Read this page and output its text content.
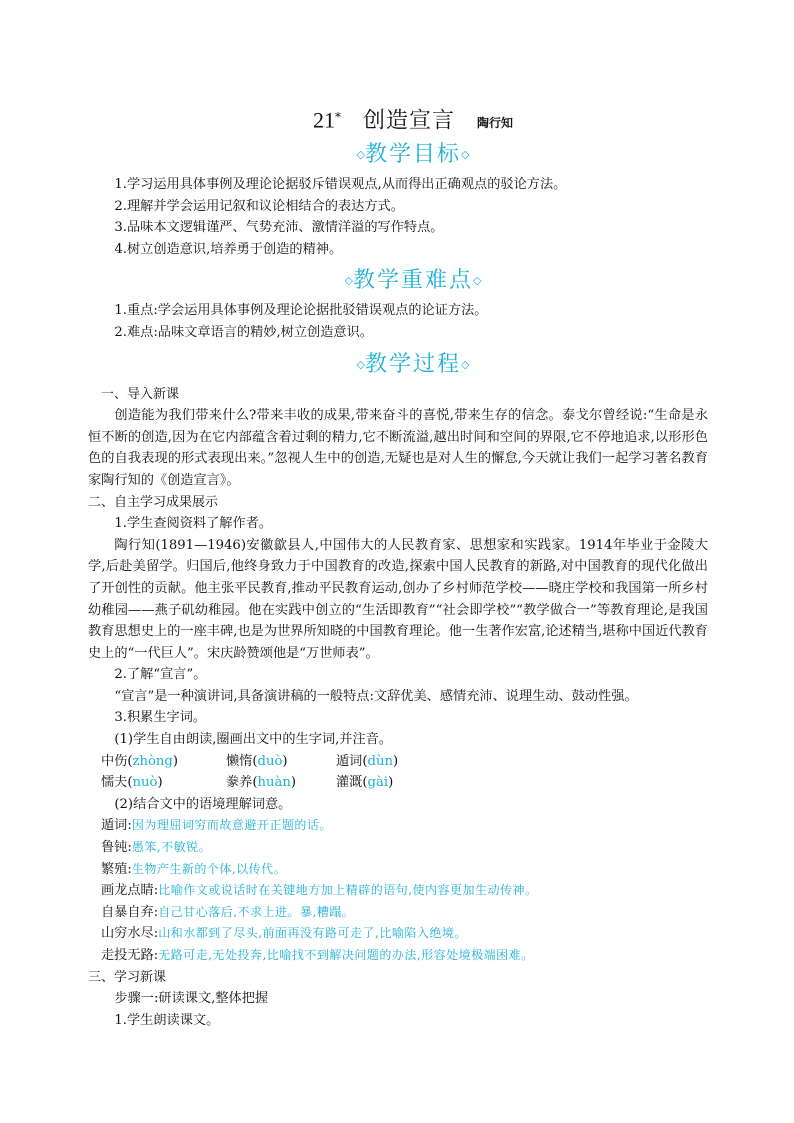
21* 创造宣言 陶行知
◇教学目标◇

1.学习运用具体事例及理论论据驳斥错误观点,从而得出正确观点的驳论方法。

2.理解并学会运用记叙和议论相结合的表达方式。

3.品味本文逻辑谨严、气势充沛、激情洋溢的写作特点。

4.树立创造意识,培养勇于创造的精神。

◇教学重难点◇

1.重点:学会运用具体事例及理论论据批驳错误观点的论证方法。

2.难点:品味文章语言的精妙,树立创造意识。

◇教学过程◇

一、导入新课

创造能为我们带来什么?带来丰收的成果,带来奋斗的喜悦,带来生存的信念。泰戈尔曾经说:“生命是永恒不断的创造,因为在它内部蕴含着过剩的精力,它不断流溢,越出时间和空间的界限,它不停地追求,以形形色色的自我表现的形式表现出来。”忽视人生中的创造,无疑也是对人生的懈怠,今天就让我们一起学习著名教育家陶行知的《创造宣言》。

二、自主学习成果展示

1.学生查阅资料了解作者。

陶行知(1891—1946)安徽歙县人,中国伟大的人民教育家、思想家和实践家。1914年毕业于金陵大学,后赴美留学。归国后,他终身致力于中国教育的改造,探索中国人民教育的新路,对中国教育的现代化做出了开创性的贡献。他主张平民教育,推动平民教育运动,创办了乡村师范学校——晓庄学校和我国第一所乡村幼稚园——燕子矶幼稚园。他在实践中创立的“生活即教育”“社会即学校”“教学做合一”等教育理论,是我国教育思想史上的一座丰碑,也是为世界所知晓的中国教育理论。他一生著作宏富,论述精当,堪称中国近代教育史上的“一代巨人”。宋庆龄赞颂他是“万世师表”。

2.了解“宣言”。

“宣言”是一种演讲词,具备演讲稿的一般特点:文辞优美、感情充沛、说理生动、鼓动性强。

3.积累生字词。

(1)学生自由朗读,圈画出文中的生字词,并注音。

中伤(zhòng)	懒惰(duò)	遁词(dùn)
懦夫(nuò)	豢养(huàn)	灌溉(gài)

(2)结合文中的语境理解词意。

遁词:因为理屈词穷而故意避开正题的话。
鲁钝:愚笨,不敏锐。
繁殖:生物产生新的个体,以传代。
画龙点睛:比喻作文或说话时在关键地方加上精辟的语句,使内容更加生动传神。
自暴自弃:自己甘心落后,不求上进。暴,糟蹋。
山穷水尽:山和水都到了尽头,前面再没有路可走了,比喻陷入绝境。
走投无路:无路可走,无处投奔,比喻找不到解决问题的办法,形容处境极端困难。

三、学习新课

步骤一:研读课文,整体把握

1.学生朗读课文。
